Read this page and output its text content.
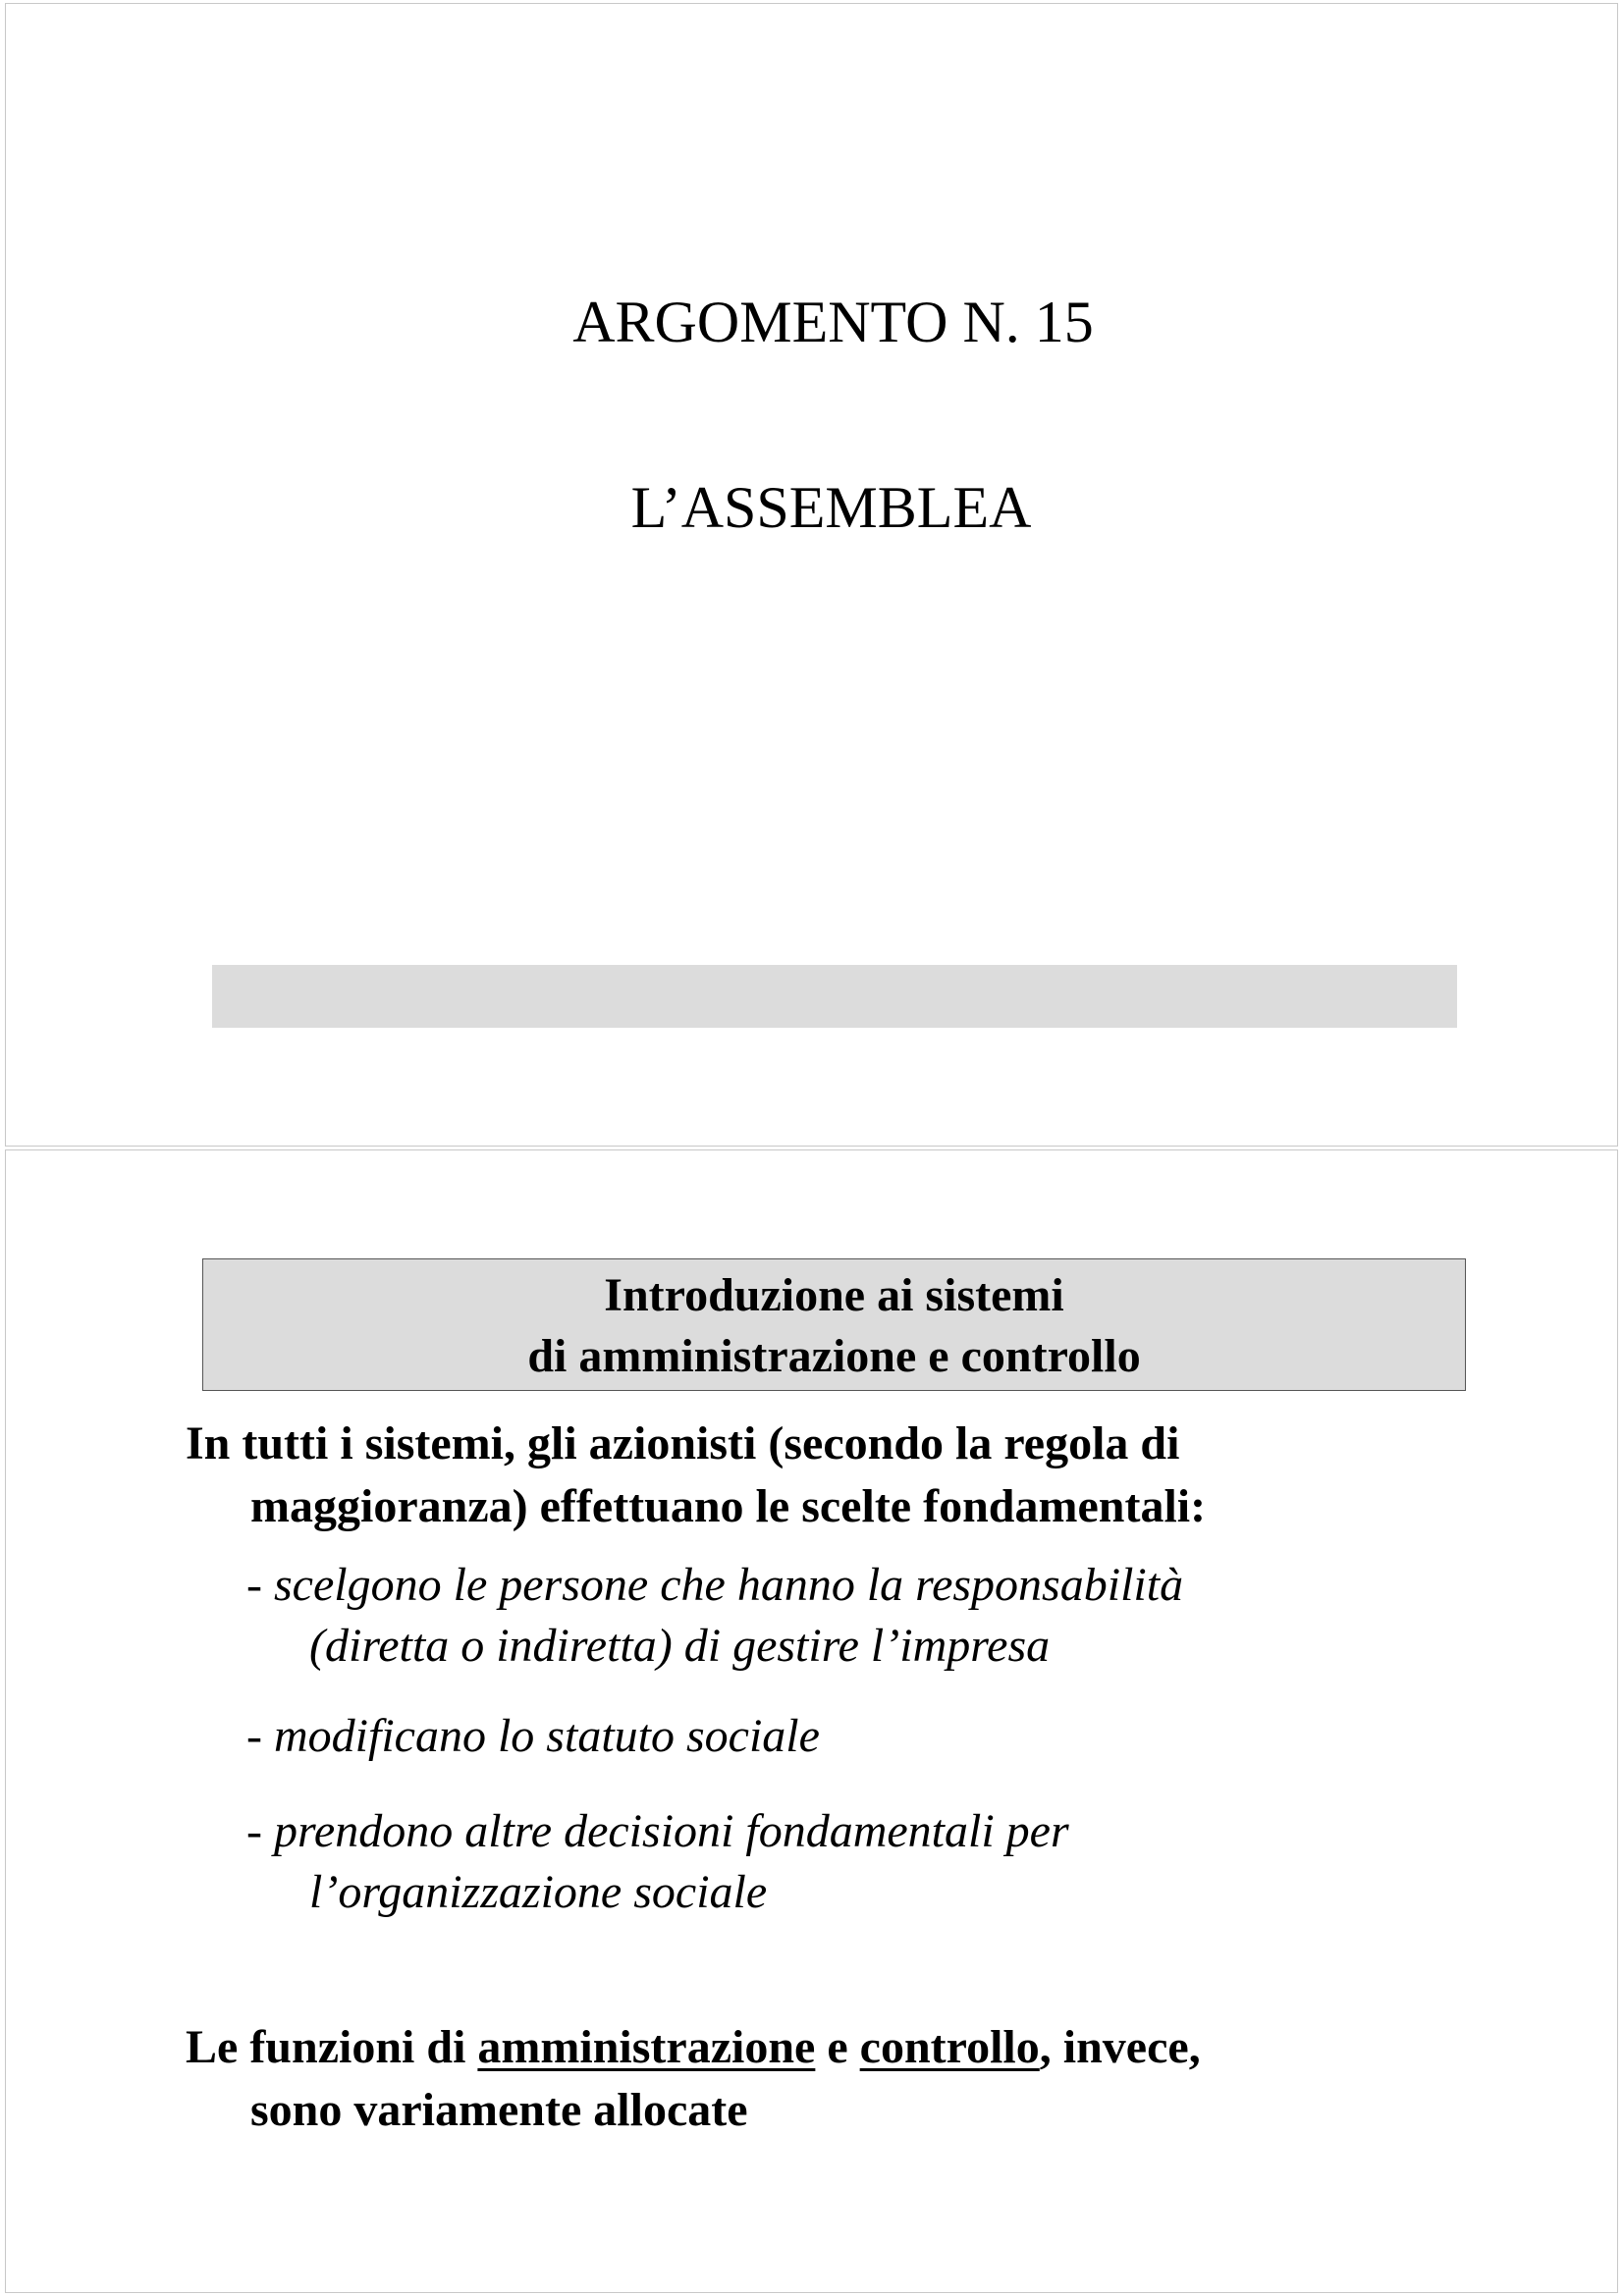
ARGOMENTO N. 15
L’ASSEMBLEA
Introduzione ai sistemi
di amministrazione e controllo
In tutti i sistemi, gli azionisti (secondo la regola di
maggioranza) effettuano le scelte fondamentali:
- scelgono le persone che hanno la responsabilità
(diretta o indiretta) di gestire l’impresa
- modificano lo statuto sociale
- prendono altre decisioni fondamentali per
l’organizzazione sociale
Le funzioni di amministrazione e controllo, invece,
sono variamente allocate
